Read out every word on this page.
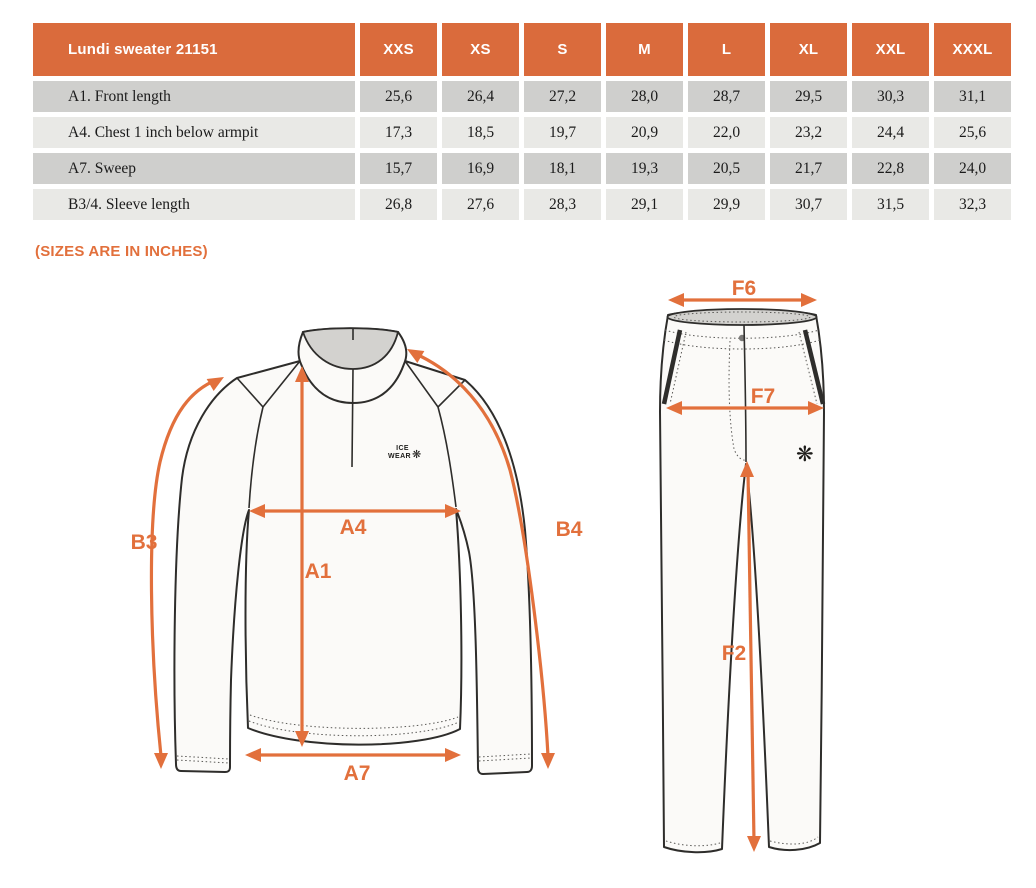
Lundi sweater 21151	XXS	XS	S	M	L	XL	XXL	XXXL
A1. Front length	25,6	26,4	27,2	28,0	28,7	29,5	30,3	31,1
A4. Chest 1 inch below armpit	17,3	18,5	19,7	20,9	22,0	23,2	24,4	25,6
A7. Sweep	15,7	16,9	18,1	19,3	20,5	21,7	22,8	24,0
B3/4. Sleeve length	26,8	27,6	28,3	29,1	29,9	30,7	31,5	32,3
(SIZES ARE IN INCHES)
ICE
WEAR ❋
A4
A1
A7
B3
B4
❋
F6
F7
F2
